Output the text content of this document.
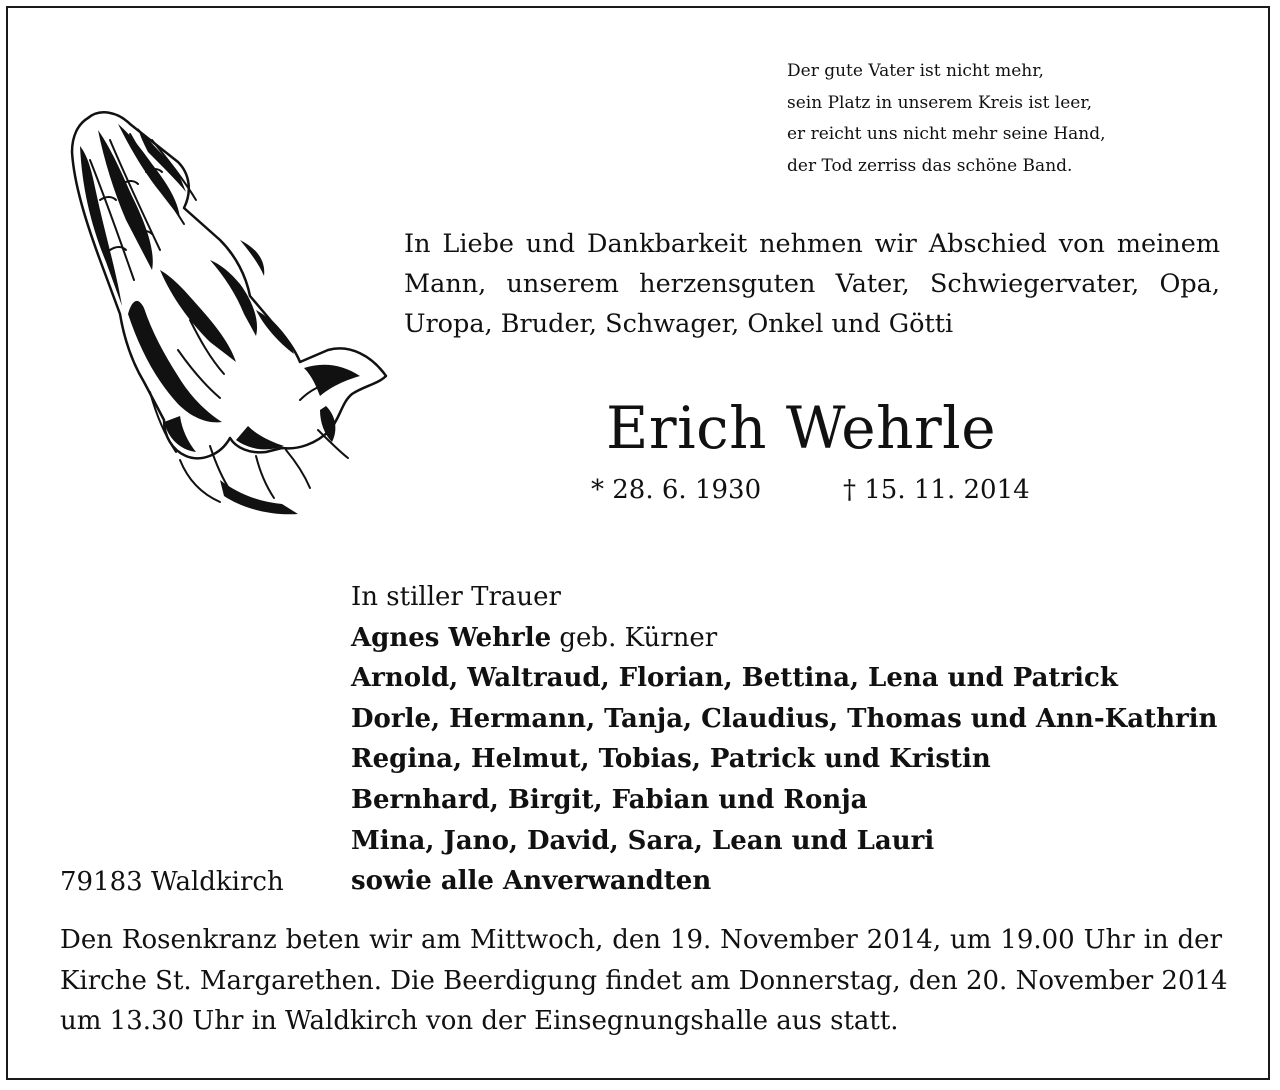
Der gute Vater ist nicht mehr,
sein Platz in unserem Kreis ist leer,
er reicht uns nicht mehr seine Hand,
der Tod zerriss das schöne Band.
In Liebe und Dankbarkeit nehmen wir Abschied von meinem
Mann, unserem herzensguten Vater, Schwiegervater, Opa,
Uropa, Bruder, Schwager, Onkel und Götti
Erich Wehrle
* 28. 6. 1930	† 15. 11. 2014
In stiller Trauer
Agnes Wehrle geb. Kürner
Arnold, Waltraud, Florian, Bettina, Lena und Patrick
Dorle, Hermann, Tanja, Claudius, Thomas und Ann-Kathrin
Regina, Helmut, Tobias, Patrick und Kristin
Bernhard, Birgit, Fabian und Ronja
Mina, Jano, David, Sara, Lean und Lauri
sowie alle Anverwandten
79183 Waldkirch
Den Rosenkranz beten wir am Mittwoch, den 19. November 2014, um 19.00 Uhr in der
Kirche St. Margarethen. Die Beerdigung findet am Donnerstag, den 20. November 2014
um 13.30 Uhr in Waldkirch von der Einsegnungshalle aus statt.
